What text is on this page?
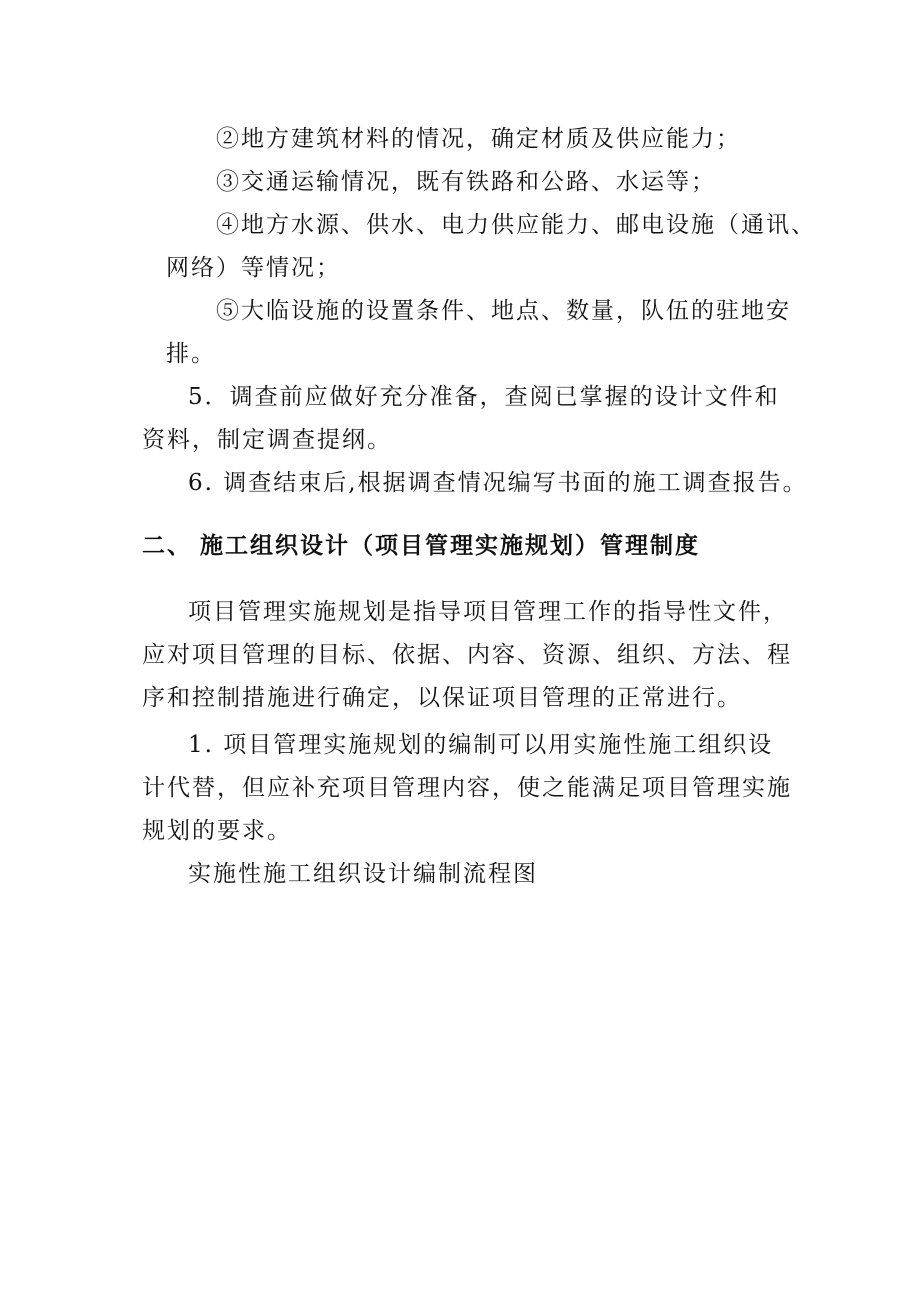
②地方建筑材料的情况，确定材质及供应能力；

③交通运输情况，既有铁路和公路、水运等；

④地方水源、供水、电力供应能力、邮电设施（通讯、

网络）等情况；

⑤大临设施的设置条件、地点、数量，队伍的驻地安

排。

5．调查前应做好充分准备，查阅已掌握的设计文件和

资料，制定调查提纲。

6. 调查结束后,根据调查情况编写书面的施工调查报告。

二、 施工组织设计（项目管理实施规划）管理制度

项目管理实施规划是指导项目管理工作的指导性文件，

应对项目管理的目标、依据、内容、资源、组织、方法、程

序和控制措施进行确定，以保证项目管理的正常进行。

1. 项目管理实施规划的编制可以用实施性施工组织设

计代替，但应补充项目管理内容，使之能满足项目管理实施

规划的要求。

实施性施工组织设计编制流程图
